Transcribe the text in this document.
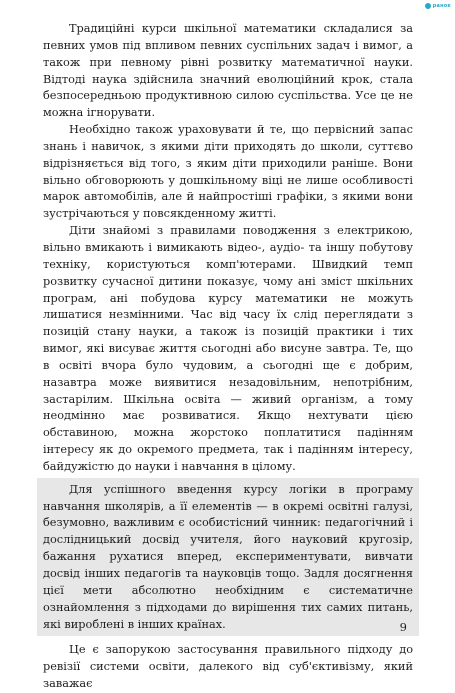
ранок

Традиційні курси шкільної математики складалися за певних умов під впливом певних суспільних задач і вимог, а також при певному рівні розвитку математичної науки. Відтоді наука здійснила значний еволюційний крок, стала безпосередньою продуктивною силою суспільства. Усе це не можна ігнорувати.

Необхідно також ураховувати й те, що первісний запас знань і навичок, з якими діти приходять до школи, суттєво відрізняється від того, з яким діти приходили раніше. Вони вільно обговорюють у дошкільному віці не лише особливості марок автомобілів, але й найпростіші графіки, з якими вони зустрічаються у повсякденному житті.

Діти знайомі з правилами поводження з електрикою, вільно вмикають і вимикають відео-, аудіо- та іншу побутову техніку, користуються комп'ютерами. Швидкий темп розвитку сучасної дитини показує, чому ані зміст шкільних програм, ані побудова курсу математики не можуть лишатися незмінними. Час від часу їх слід переглядати з позицій стану науки, а також із позицій практики і тих вимог, які висуває життя сьогодні або висуне завтра. Те, що в освіті вчора було чудовим, а сьогодні ще є добрим, назавтра може виявитися незадовільним, непотрібним, застарілим. Шкільна освіта — живий організм, а тому неодмінно має розвиватися. Якщо нехтувати цією обставиною, можна жорстоко поплатитися падінням інтересу як до окремого предмета, так і падінням інтересу, байдужістю до науки і навчання в цілому.

Для успішного введення курсу логіки в програму навчання школярів, а її елементів — в окремі освітні галузі, безумовно, важливим є особистісний чинник: педагогічний і дослідницький досвід учителя, його науковий кругозір, бажання рухатися вперед, експериментувати, вивчати досвід інших педагогів та науковців тощо. Задля досягнення цієї мети абсолютно необхідним є систематичне ознайомлення з підходами до вирішення тих самих питань, які вироблені в інших країнах.

Це є запорукою застосування правильного підходу до ревізії системи освіти, далекого від суб'єктивізму, який заважає

9
